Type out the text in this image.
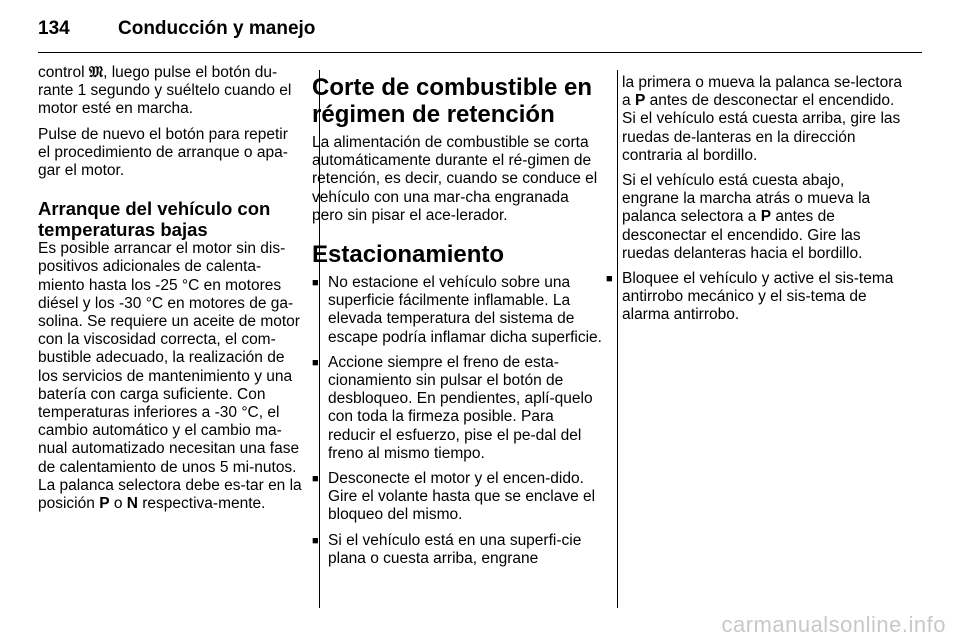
134	Conducción y manejo

control 𝔐, luego pulse el botón du-rante 1 segundo y suéltelo cuando el motor esté en marcha.

Pulse de nuevo el botón para repetir el procedimiento de arranque o apa-gar el motor.

Arranque del vehículo con temperaturas bajas

Es posible arrancar el motor sin dis-positivos adicionales de calenta-miento hasta los -25 °C en motores diésel y los -30 °C en motores de ga-solina. Se requiere un aceite de motor con la viscosidad correcta, el com-bustible adecuado, la realización de los servicios de mantenimiento y una batería con carga suficiente. Con temperaturas inferiores a -30 °C, el cambio automático y el cambio ma-nual automatizado necesitan una fase de calentamiento de unos 5 mi-nutos. La palanca selectora debe es-tar en la posición P o N respectiva-mente.

Corte de combustible en régimen de retención

La alimentación de combustible se corta automáticamente durante el ré-gimen de retención, es decir, cuando se conduce el vehículo con una mar-cha engranada pero sin pisar el ace-lerador.

Estacionamiento
■ No estacione el vehículo sobre una superficie fácilmente inflamable. La elevada temperatura del sistema de escape podría inflamar dicha superficie.
■ Accione siempre el freno de esta-cionamiento sin pulsar el botón de desbloqueo. En pendientes, aplí-quelo con toda la firmeza posible. Para reducir el esfuerzo, pise el pe-dal del freno al mismo tiempo.
■ Desconecte el motor y el encen-dido. Gire el volante hasta que se enclave el bloqueo del mismo.
■ Si el vehículo está en una superfi-cie plana o cuesta arriba, engrane

la primera o mueva la palanca se-lectora a P antes de desconectar el encendido. Si el vehículo está cuesta arriba, gire las ruedas de-lanteras en la dirección contraria al bordillo.

Si el vehículo está cuesta abajo, engrane la marcha atrás o mueva la palanca selectora a P antes de desconectar el encendido. Gire las ruedas delanteras hacia el bordillo.

■ Bloquee el vehículo y active el sis-tema antirrobo mecánico y el sis-tema de alarma antirrobo.
carmanualsonline.info
